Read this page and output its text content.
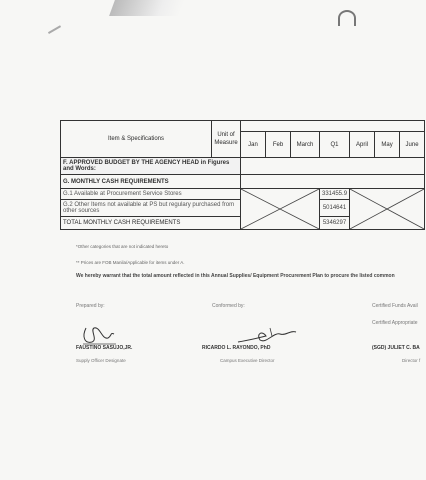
Item & Specifications	Unit of Measure							
		Jan	Feb	March	Q1	April	May	June
F. APPROVED BUDGET BY THE AGENCY HEAD in Figures and Words:								
G. MONTHLY CASH REQUIREMENTS								
G.1 Available at Procurement Service Stores					331455.9	

G.2 Other Items not available at PS but regulary purchased from other sources					5014641			
TOTAL MONTHLY CASH REQUIREMENTS					5346297			
*Other categories that are not indicated hereto
** Prices are FOB Manila/Applicable for items under A.
We hereby warrant that the total amount reflected in this Annual Supplies/ Equipment Procurement Plan to procure the listed common
Prepared by:	Conformed by:	Certified Funds Avail
Certified Appropriate
FAUSTINO SASUJO,JR.
Supply Officer Designate
RICARDO L. RAYONDO, PhD
Campus Executive Director
(SGD) JULIET C. BA
Director f
